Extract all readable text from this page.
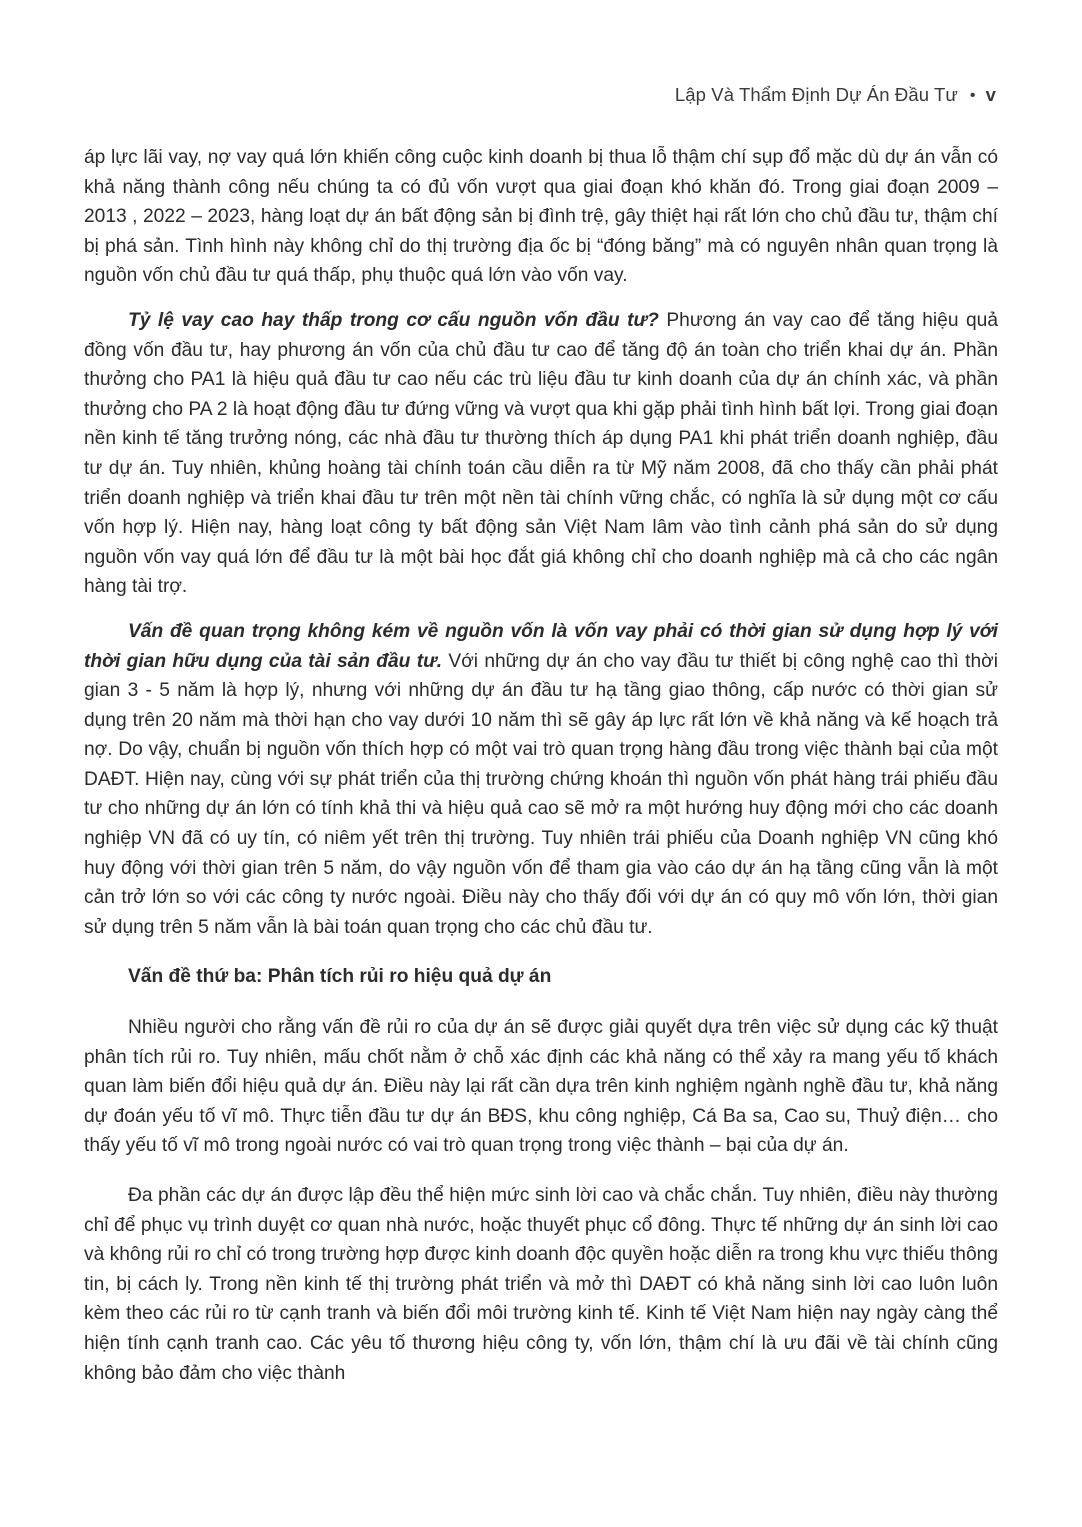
Lập Và Thẩm Định Dự Án Đầu Tư • v

áp lực lãi vay, nợ vay quá lớn khiến công cuộc kinh doanh bị thua lỗ thậm chí sụp đổ mặc dù dự án vẫn có khả năng thành công nếu chúng ta có đủ vốn vượt qua giai đoạn khó khăn đó. Trong giai đoạn 2009 – 2013 , 2022 – 2023, hàng loạt dự án bất động sản bị đình trệ, gây thiệt hại rất lớn cho chủ đầu tư, thậm chí bị phá sản. Tình hình này không chỉ do thị trường địa ốc bị “đóng băng” mà có nguyên nhân quan trọng là nguồn vốn chủ đầu tư quá thấp, phụ thuộc quá lớn vào vốn vay.

Tỷ lệ vay cao hay thấp trong cơ cấu nguồn vốn đầu tư? Phương án vay cao để tăng hiệu quả đồng vốn đầu tư, hay phương án vốn của chủ đầu tư cao để tăng độ án toàn cho triển khai dự án. Phần thưởng cho PA1 là hiệu quả đầu tư cao nếu các trù liệu đầu tư kinh doanh của dự án chính xác, và phần thưởng cho PA 2 là hoạt động đầu tư đứng vững và vượt qua khi gặp phải tình hình bất lợi. Trong giai đoạn nền kinh tế tăng trưởng nóng, các nhà đầu tư thường thích áp dụng PA1 khi phát triển doanh nghiệp, đầu tư dự án. Tuy nhiên, khủng hoàng tài chính toán cầu diễn ra từ Mỹ năm 2008, đã cho thấy cần phải phát triển doanh nghiệp và triển khai đầu tư trên một nền tài chính vững chắc, có nghĩa là sử dụng một cơ cấu vốn hợp lý. Hiện nay, hàng loạt công ty bất động sản Việt Nam lâm vào tình cảnh phá sản do sử dụng nguồn vốn vay quá lớn để đầu tư là một bài học đắt giá không chỉ cho doanh nghiệp mà cả cho các ngân hàng tài trợ.

Vấn đề quan trọng không kém về nguồn vốn là vốn vay phải có thời gian sử dụng hợp lý với thời gian hữu dụng của tài sản đầu tư. Với những dự án cho vay đầu tư thiết bị công nghệ cao thì thời gian 3 - 5 năm là hợp lý, nhưng với những dự án đầu tư hạ tầng giao thông, cấp nước có thời gian sử dụng trên 20 năm mà thời hạn cho vay dưới 10 năm thì sẽ gây áp lực rất lớn về khả năng và kế hoạch trả nợ. Do vậy, chuẩn bị nguồn vốn thích hợp có một vai trò quan trọng hàng đầu trong việc thành bại của một DAĐT. Hiện nay, cùng với sự phát triển của thị trường chứng khoán thì nguồn vốn phát hàng trái phiếu đầu tư cho những dự án lớn có tính khả thi và hiệu quả cao sẽ mở ra một hướng huy động mới cho các doanh nghiệp VN đã có uy tín, có niêm yết trên thị trường. Tuy nhiên trái phiếu của Doanh nghiệp VN cũng khó huy động với thời gian trên 5 năm, do vậy nguồn vốn để tham gia vào cáo dự án hạ tầng cũng vẫn là một cản trở lớn so với các công ty nước ngoài. Điều này cho thấy đối với dự án có quy mô vốn lớn, thời gian sử dụng trên 5 năm vẫn là bài toán quan trọng cho các chủ đầu tư.

Vấn đề thứ ba: Phân tích rủi ro hiệu quả dự án

Nhiều người cho rằng vấn đề rủi ro của dự án sẽ được giải quyết dựa trên việc sử dụng các kỹ thuật phân tích rủi ro. Tuy nhiên, mấu chốt nằm ở chỗ xác định các khả năng có thể xảy ra mang yếu tố khách quan làm biến đổi hiệu quả dự án. Điều này lại rất cần dựa trên kinh nghiệm ngành nghề đầu tư, khả năng dự đoán yếu tố vĩ mô. Thực tiễn đầu tư dự án BĐS, khu công nghiệp, Cá Ba sa, Cao su, Thuỷ điện… cho thấy yếu tố vĩ mô trong ngoài nước có vai trò quan trọng trong việc thành – bại của dự án.

Đa phần các dự án được lập đều thể hiện mức sinh lời cao và chắc chắn. Tuy nhiên, điều này thường chỉ để phục vụ trình duyệt cơ quan nhà nước, hoặc thuyết phục cổ đông. Thực tế những dự án sinh lời cao và không rủi ro chỉ có trong trường hợp được kinh doanh độc quyền hoặc diễn ra trong khu vực thiếu thông tin, bị cách ly. Trong nền kinh tế thị trường phát triển và mở thì DAĐT có khả năng sinh lời cao luôn luôn kèm theo các rủi ro từ cạnh tranh và biến đổi môi trường kinh tế. Kinh tế Việt Nam hiện nay ngày càng thể hiện tính cạnh tranh cao. Các yêu tố thương hiệu công ty, vốn lớn, thậm chí là ưu đãi về tài chính cũng không bảo đảm cho việc thành
